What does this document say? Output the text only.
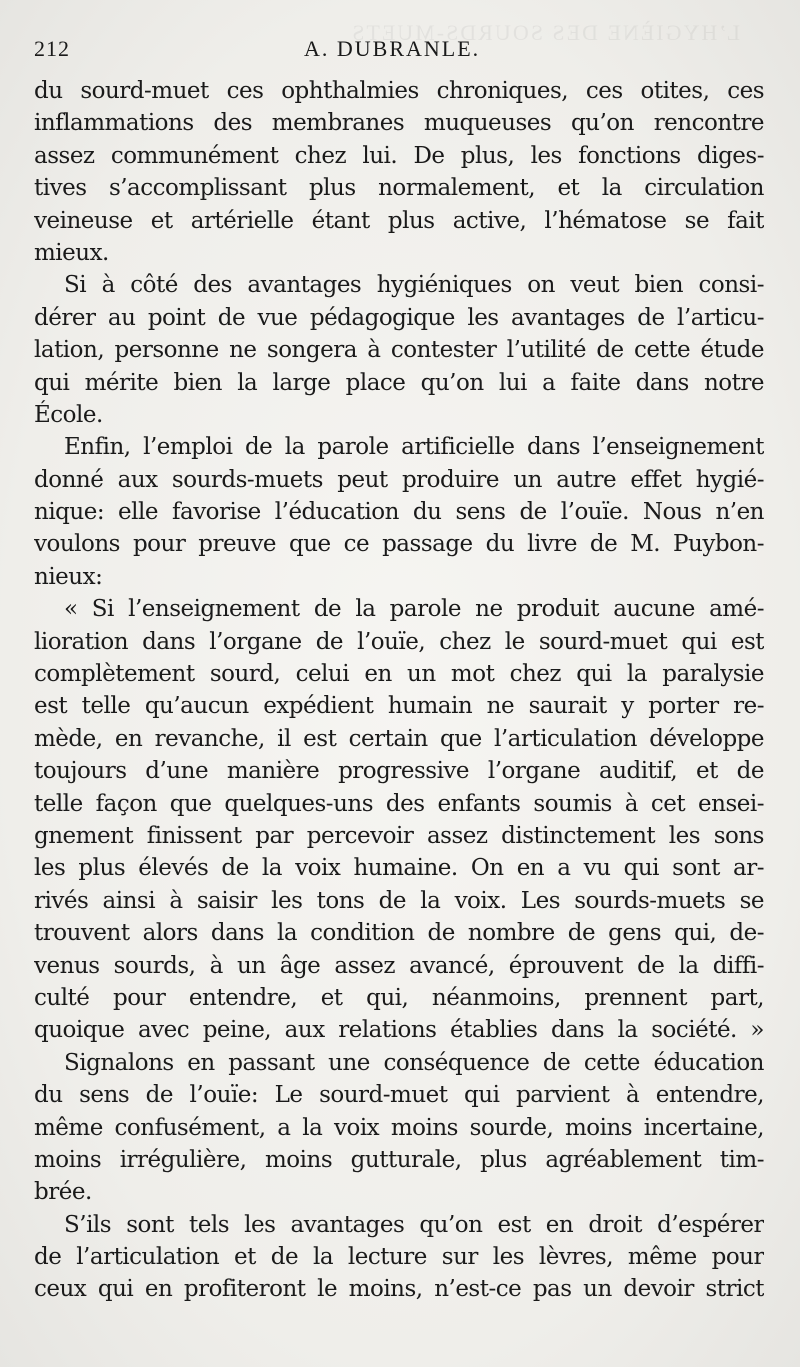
L’HYGIÈNE DES SOURDS-MUETS
212	A. DUBRANLE.
du sourd-muet ces ophthalmies chroniques, ces otites, ces
inflammations des membranes muqueuses qu’on rencontre
assez communément chez lui. De plus, les fonctions diges-
tives s’accomplissant plus normalement, et la circulation
veineuse et artérielle étant plus active, l’hématose se fait
mieux.
Si à côté des avantages hygiéniques on veut bien consi-
dérer au point de vue pédagogique les avantages de l’articu-
lation, personne ne songera à contester l’utilité de cette étude
qui mérite bien la large place qu’on lui a faite dans notre
École.
Enfin, l’emploi de la parole artificielle dans l’enseignement
donné aux sourds-muets peut produire un autre effet hygié-
nique: elle favorise l’éducation du sens de l’ouïe. Nous n’en
voulons pour preuve que ce passage du livre de M. Puybon-
nieux:
« Si l’enseignement de la parole ne produit aucune amé-
lioration dans l’organe de l’ouïe, chez le sourd-muet qui est
complètement sourd, celui en un mot chez qui la paralysie
est telle qu’aucun expédient humain ne saurait y porter re-
mède, en revanche, il est certain que l’articulation développe
toujours d’une manière progressive l’organe auditif, et de
telle façon que quelques-uns des enfants soumis à cet ensei-
gnement finissent par percevoir assez distinctement les sons
les plus élevés de la voix humaine. On en a vu qui sont ar-
rivés ainsi à saisir les tons de la voix. Les sourds-muets se
trouvent alors dans la condition de nombre de gens qui, de-
venus sourds, à un âge assez avancé, éprouvent de la diffi-
culté pour entendre, et qui, néanmoins, prennent part,
quoique avec peine, aux relations établies dans la société. »
Signalons en passant une conséquence de cette éducation
du sens de l’ouïe: Le sourd-muet qui parvient à entendre,
même confusément, a la voix moins sourde, moins incertaine,
moins irrégulière, moins gutturale, plus agréablement tim-
brée.
S’ils sont tels les avantages qu’on est en droit d’espérer
de l’articulation et de la lecture sur les lèvres, même pour
ceux qui en profiteront le moins, n’est-ce pas un devoir strict
